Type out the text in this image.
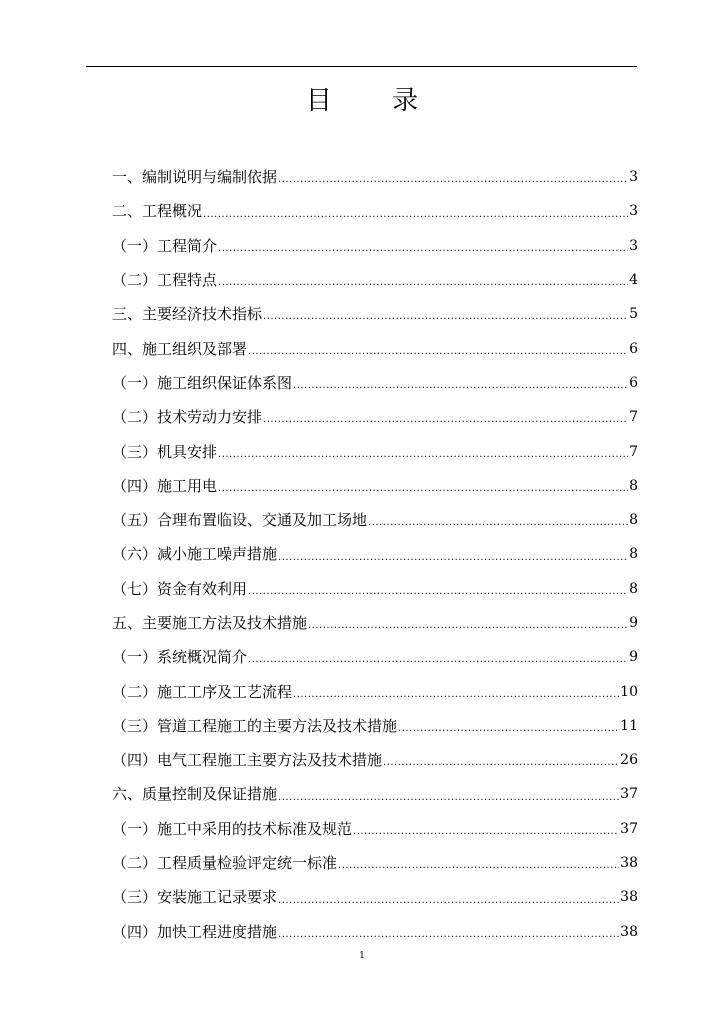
目 录
一、编制说明与编制依据 .....	3
二、工程概况 .....	3
（一）工程简介 .....	3
（二）工程特点 .....	4
三、主要经济技术指标 .....	5
四、施工组织及部署 .....	6
（一）施工组织保证体系图 .....	6
（二）技术劳动力安排 .....	7
（三）机具安排 .....	7
（四）施工用电 .....	8
（五）合理布置临设、交通及加工场地 .....	8
（六）减小施工噪声措施 .....	8
（七）资金有效利用 .....	8
五、主要施工方法及技术措施 .....	9
（一）系统概况简介 .....	9
（二）施工工序及工艺流程 .....	10
（三）管道工程施工的主要方法及技术措施 .....	11
（四）电气工程施工主要方法及技术措施 .....	26
六、质量控制及保证措施 .....	37
（一）施工中采用的技术标准及规范 .....	37
（二）工程质量检验评定统一标准 .....	38
（三）安装施工记录要求 .....	38
（四）加快工程进度措施 .....	38
1
